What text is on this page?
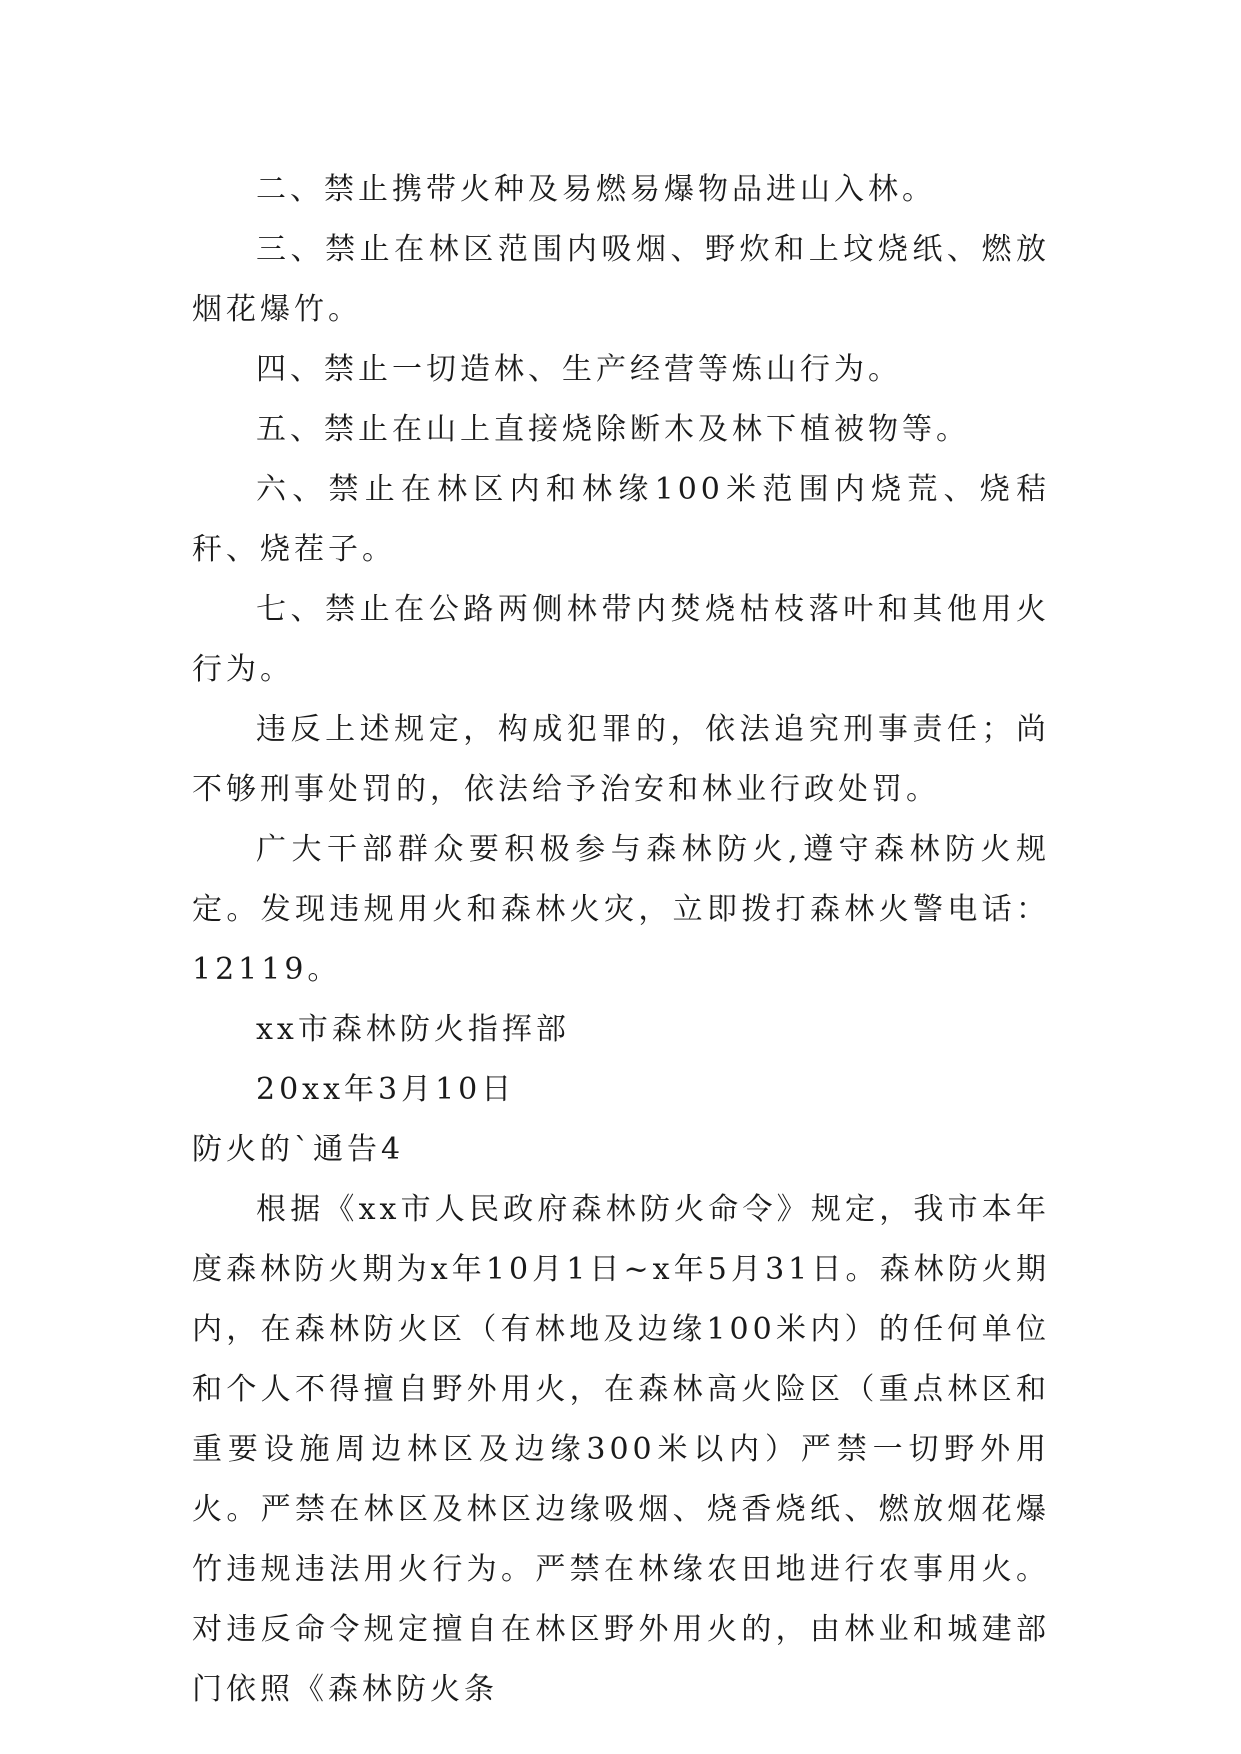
二、禁止携带火种及易燃易爆物品进山入林。

三、禁止在林区范围内吸烟、野炊和上坟烧纸、燃放烟花爆竹。

四、禁止一切造林、生产经营等炼山行为。

五、禁止在山上直接烧除断木及林下植被物等。

六、禁止在林区内和林缘100米范围内烧荒、烧秸秆、烧茬子。

七、禁止在公路两侧林带内焚烧枯枝落叶和其他用火行为。

违反上述规定，构成犯罪的，依法追究刑事责任；尚不够刑事处罚的，依法给予治安和林业行政处罚。

广大干部群众要积极参与森林防火,遵守森林防火规定。发现违规用火和森林火灾，立即拨打森林火警电话：12119。

xx市森林防火指挥部

20xx年3月10日

防火的`通告4

根据《xx市人民政府森林防火命令》规定，我市本年度森林防火期为x年10月1日~x年5月31日。森林防火期内，在森林防火区（有林地及边缘100米内）的任何单位和个人不得擅自野外用火，在森林高火险区（重点林区和重要设施周边林区及边缘300米以内）严禁一切野外用火。严禁在林区及林区边缘吸烟、烧香烧纸、燃放烟花爆竹违规违法用火行为。严禁在林缘农田地进行农事用火。对违反命令规定擅自在林区野外用火的，由林业和城建部门依照《森林防火条
